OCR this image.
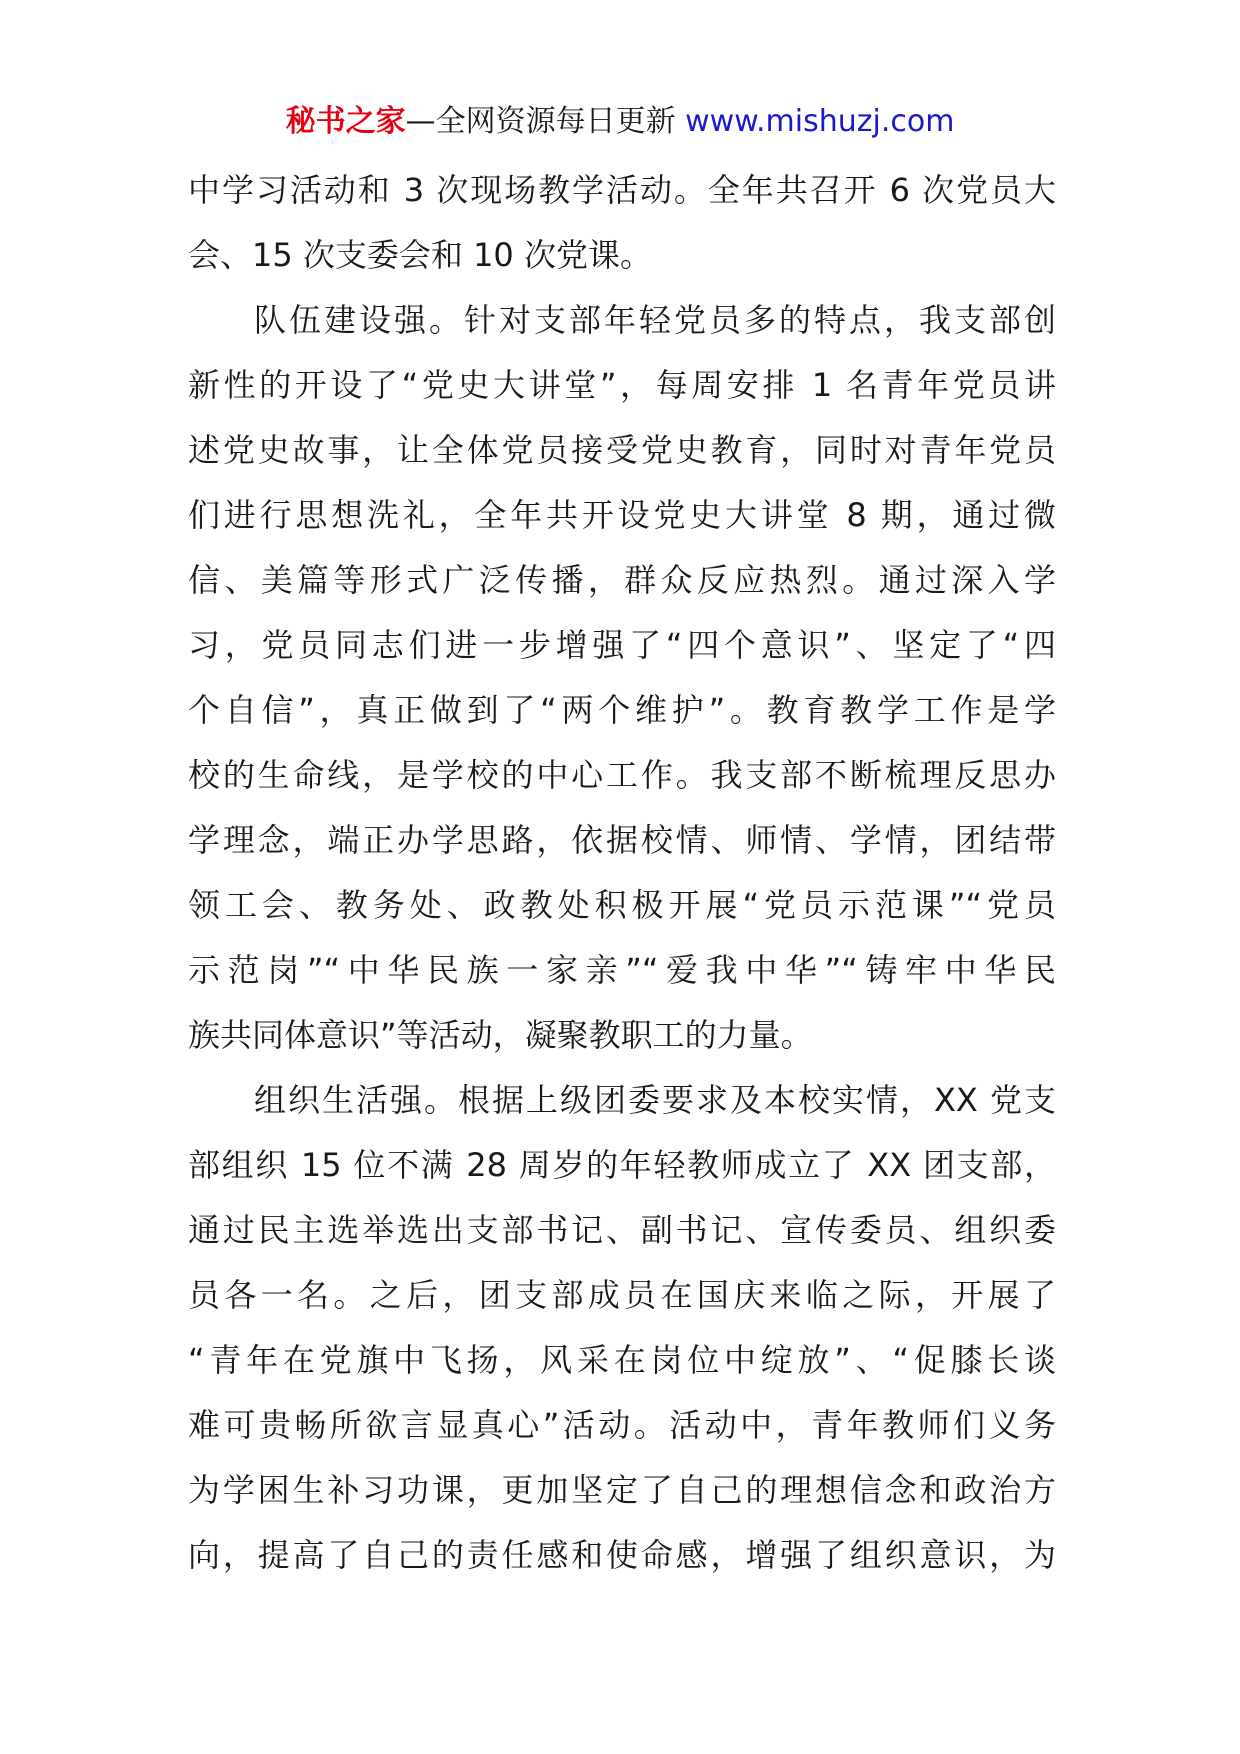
秘书之家—全网资源每日更新 www.mishuzj.com
中学习活动和 3 次现场教学活动。全年共召开 6 次党员大
会、15 次支委会和 10 次党课。
队伍建设强。针对支部年轻党员多的特点，我支部创
新性的开设了“党史大讲堂”，每周安排 1 名青年党员讲
述党史故事，让全体党员接受党史教育，同时对青年党员
们进行思想洗礼，全年共开设党史大讲堂 8 期，通过微
信、美篇等形式广泛传播，群众反应热烈。通过深入学
习，党员同志们进一步增强了“四个意识”、坚定了“四
个自信”，真正做到了“两个维护”。教育教学工作是学
校的生命线，是学校的中心工作。我支部不断梳理反思办
学理念，端正办学思路，依据校情、师情、学情，团结带
领工会、教务处、政教处积极开展“党员示范课”“党员
示范岗”“中华民族一家亲”“爱我中华”“铸牢中华民
族共同体意识”等活动，凝聚教职工的力量。
组织生活强。根据上级团委要求及本校实情，XX 党支
部组织 15 位不满 28 周岁的年轻教师成立了 XX 团支部，
通过民主选举选出支部书记、副书记、宣传委员、组织委
员各一名。之后，团支部成员在国庆来临之际，开展了
“青年在党旗中飞扬，风采在岗位中绽放”、“促膝长谈
难可贵畅所欲言显真心”活动。活动中，青年教师们义务
为学困生补习功课，更加坚定了自己的理想信念和政治方
向，提高了自己的责任感和使命感，增强了组织意识，为
